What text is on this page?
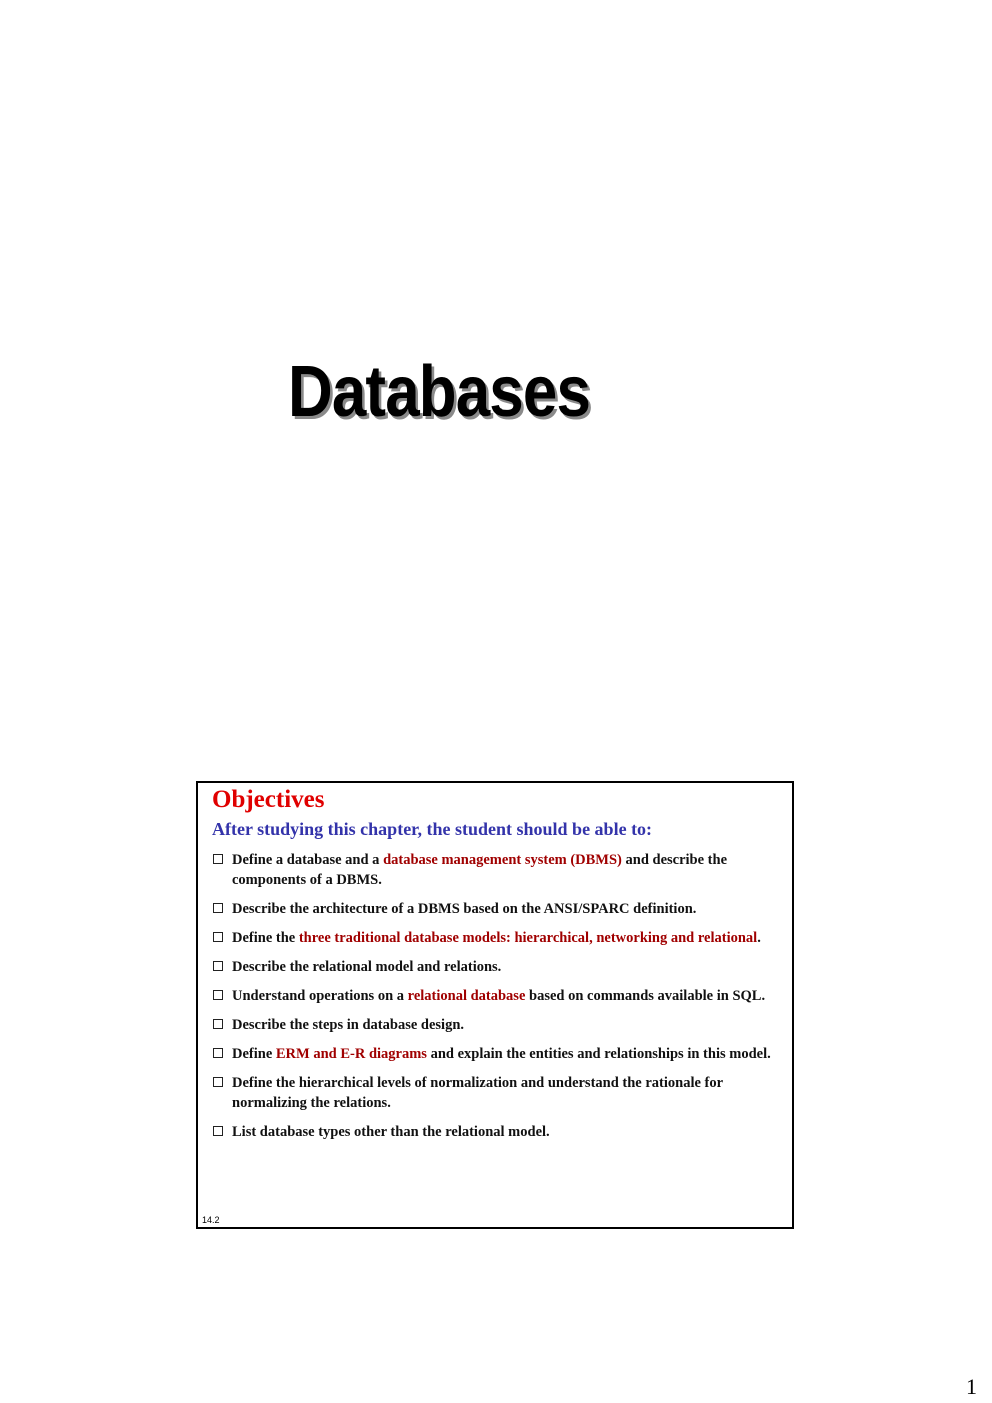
Databases
Objectives
After studying this chapter, the student should be able to:
Define a database and a database management system (DBMS) and describe the components of a DBMS.
Describe the architecture of a DBMS based on the ANSI/SPARC definition.
Define the three traditional database models: hierarchical, networking and relational.
Describe the relational model and relations.
Understand operations on a relational database based on commands available in SQL.
Describe the steps in database design.
Define ERM and E-R diagrams and explain the entities and relationships in this model.
Define the hierarchical levels of normalization and understand the rationale for normalizing the relations.
List database types other than the relational model.
14.2
1
